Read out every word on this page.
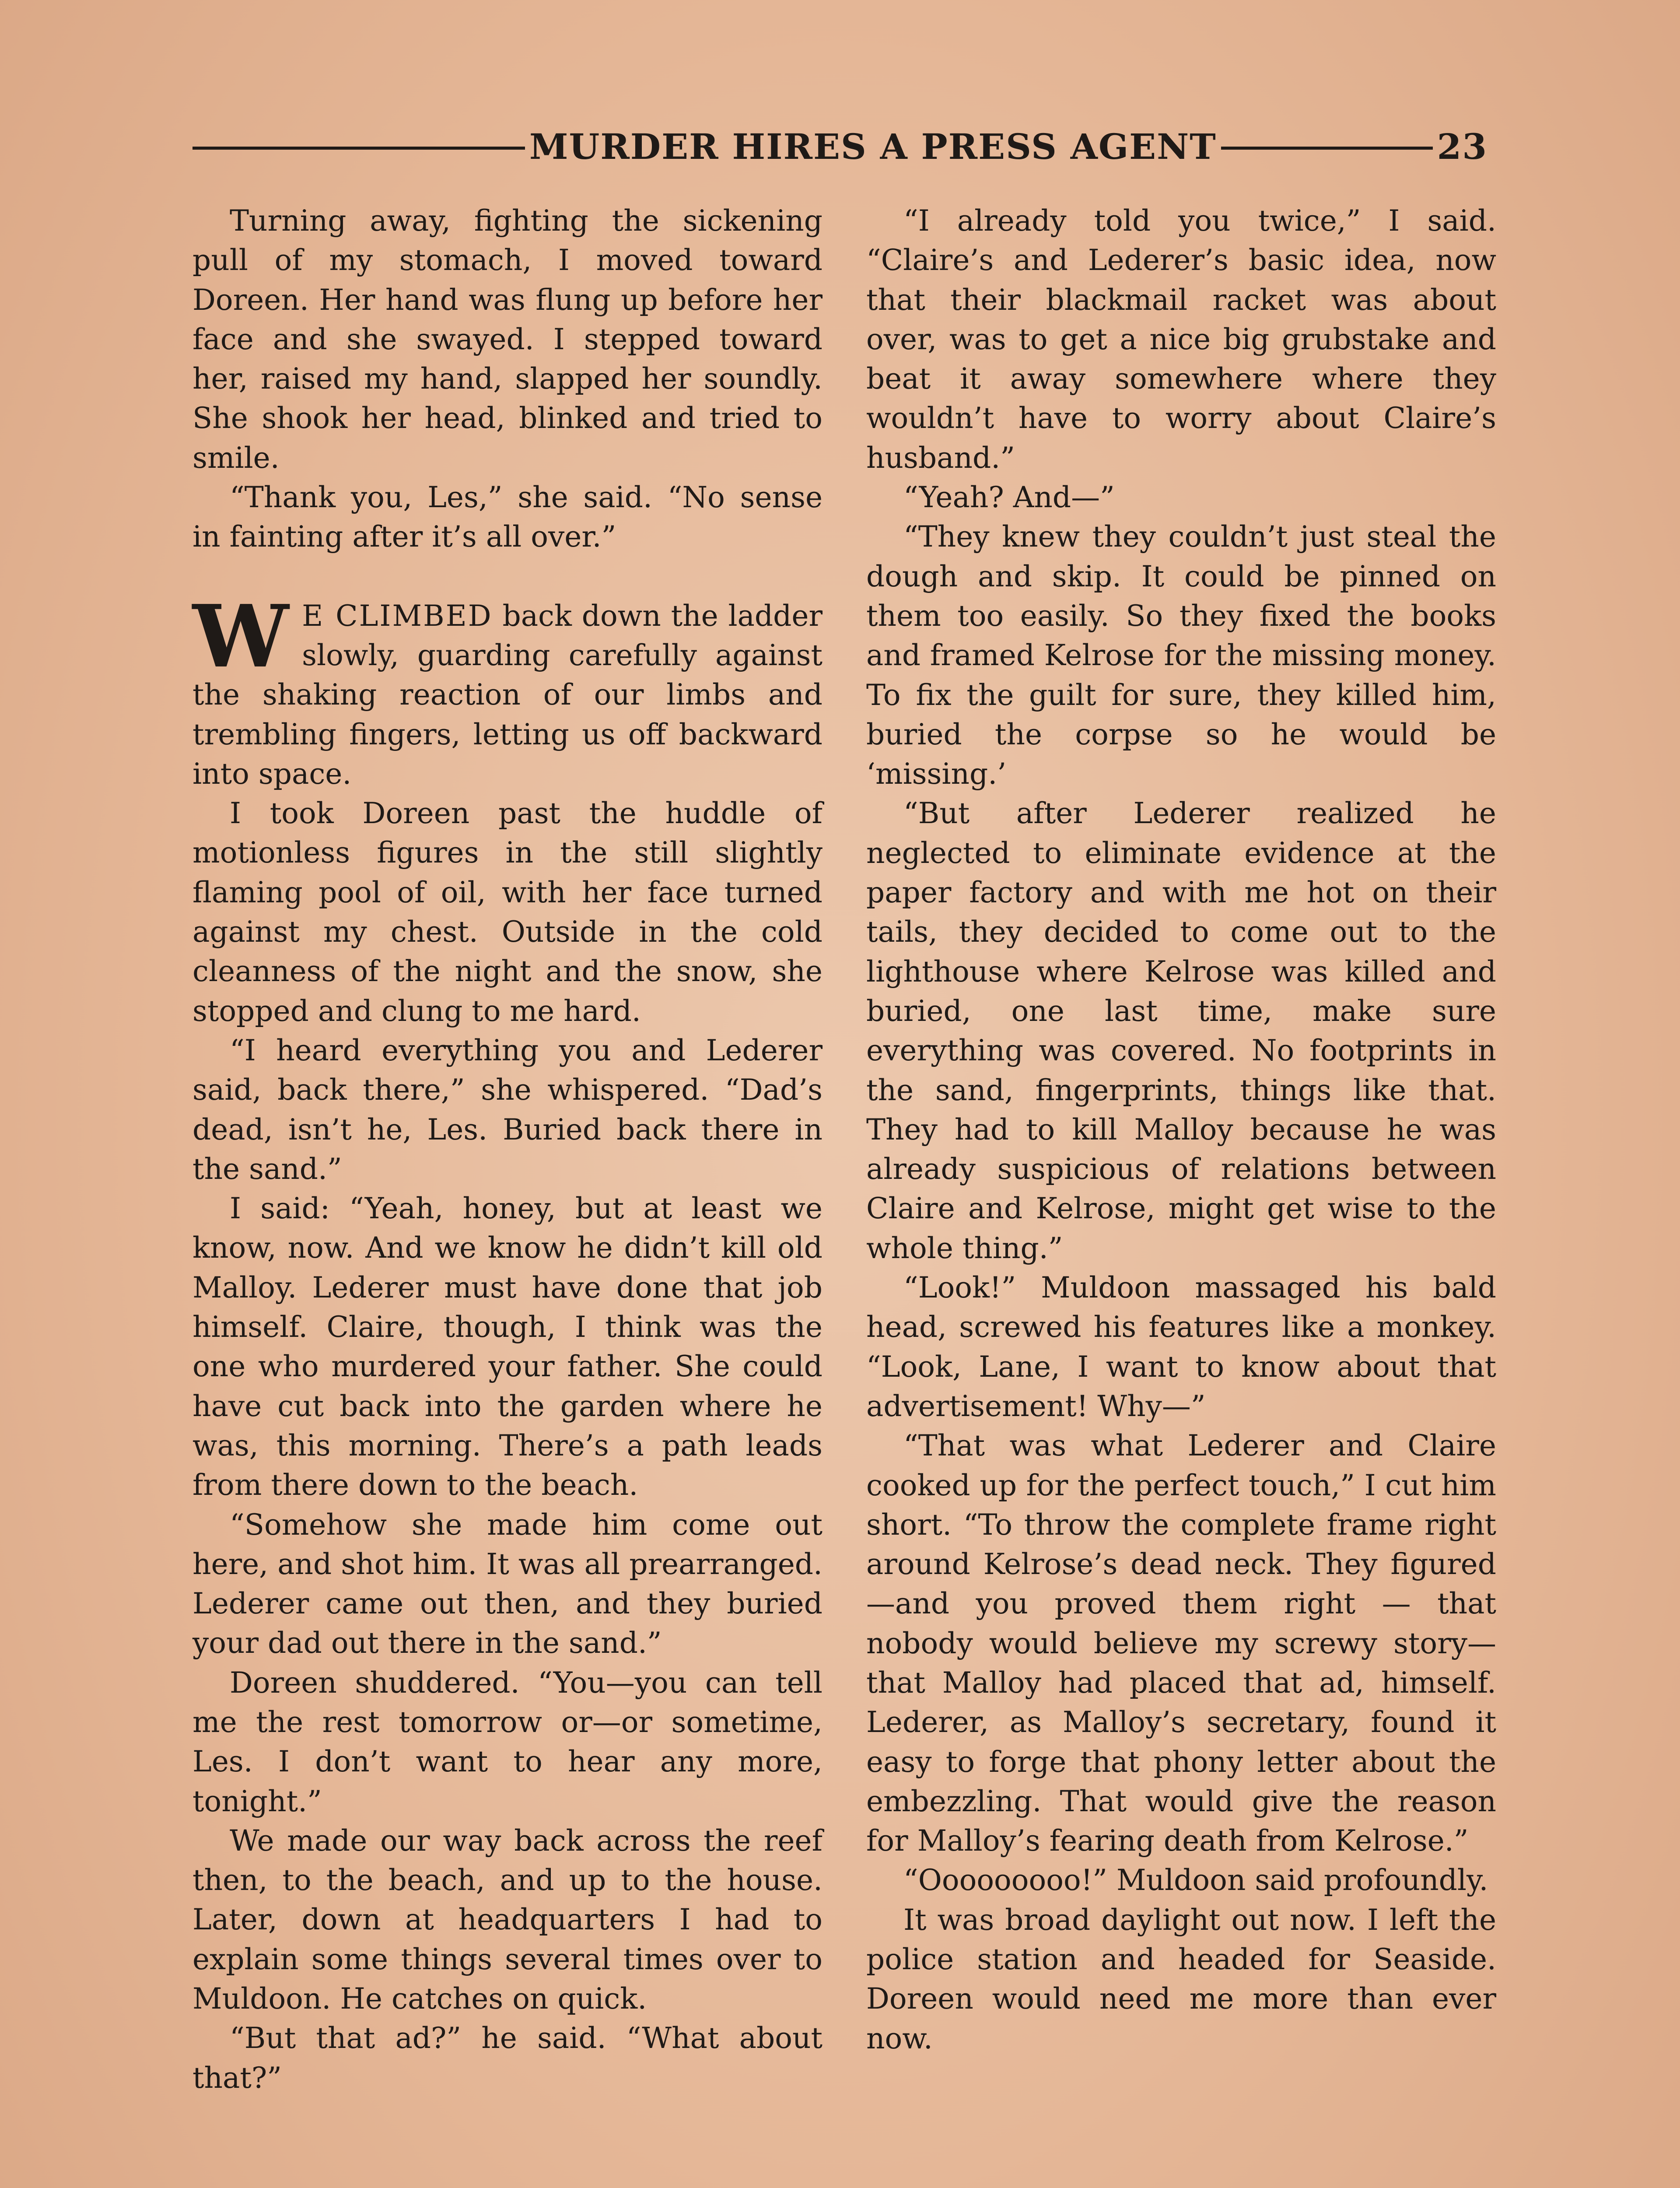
MURDER HIRES A PRESS AGENT	23

Turning away, fighting the sickening pull of my stomach, I moved toward Doreen. Her hand was flung up before her face and she swayed. I stepped toward her, raised my hand, slapped her soundly. She shook her head, blinked and tried to smile.

“Thank you, Les,” she said. “No sense in fainting after it’s all over.”

W E CLIMBED back down the ladder slowly, guarding carefully against the shaking reaction of our limbs and trembling fingers, letting us off backward into space.

I took Doreen past the huddle of motionless figures in the still slightly flaming pool of oil, with her face turned against my chest. Outside in the cold cleanness of the night and the snow, she stopped and clung to me hard.

“I heard everything you and Lederer said, back there,” she whispered. “Dad’s dead, isn’t he, Les. Buried back there in the sand.”

I said: “Yeah, honey, but at least we know, now. And we know he didn’t kill old Malloy. Lederer must have done that job himself. Claire, though, I think was the one who murdered your father. She could have cut back into the garden where he was, this morning. There’s a path leads from there down to the beach.

“Somehow she made him come out here, and shot him. It was all prearranged. Lederer came out then, and they buried your dad out there in the sand.”

Doreen shuddered. “You—you can tell me the rest tomorrow or—or sometime, Les. I don’t want to hear any more, tonight.”

We made our way back across the reef then, to the beach, and up to the house. Later, down at headquarters I had to explain some things several times over to Muldoon. He catches on quick.

“But that ad?” he said. “What about that?”

“I already told you twice,” I said. “Claire’s and Lederer’s basic idea, now that their blackmail racket was about over, was to get a nice big grubstake and beat it away somewhere where they wouldn’t have to worry about Claire’s husband.”

“Yeah? And—”

“They knew they couldn’t just steal the dough and skip. It could be pinned on them too easily. So they fixed the books and framed Kelrose for the missing money. To fix the guilt for sure, they killed him, buried the corpse so he would be ‘missing.’

“But after Lederer realized he neglected to eliminate evidence at the paper factory and with me hot on their tails, they decided to come out to the lighthouse where Kelrose was killed and buried, one last time, make sure everything was covered. No footprints in the sand, fingerprints, things like that. They had to kill Malloy because he was already suspicious of relations between Claire and Kelrose, might get wise to the whole thing.”

“Look!” Muldoon massaged his bald head, screwed his features like a monkey. “Look, Lane, I want to know about that advertisement! Why—”

“That was what Lederer and Claire cooked up for the perfect touch,” I cut him short. “To throw the complete frame right around Kelrose’s dead neck. They figured—and you proved them right — that nobody would believe my screwy story—that Malloy had placed that ad, himself. Lederer, as Malloy’s secretary, found it easy to forge that phony letter about the embezzling. That would give the reason for Malloy’s fearing death from Kelrose.”

“Ooooooooo!” Muldoon said profoundly.

It was broad daylight out now. I left the police station and headed for Seaside. Doreen would need me more than ever now.
